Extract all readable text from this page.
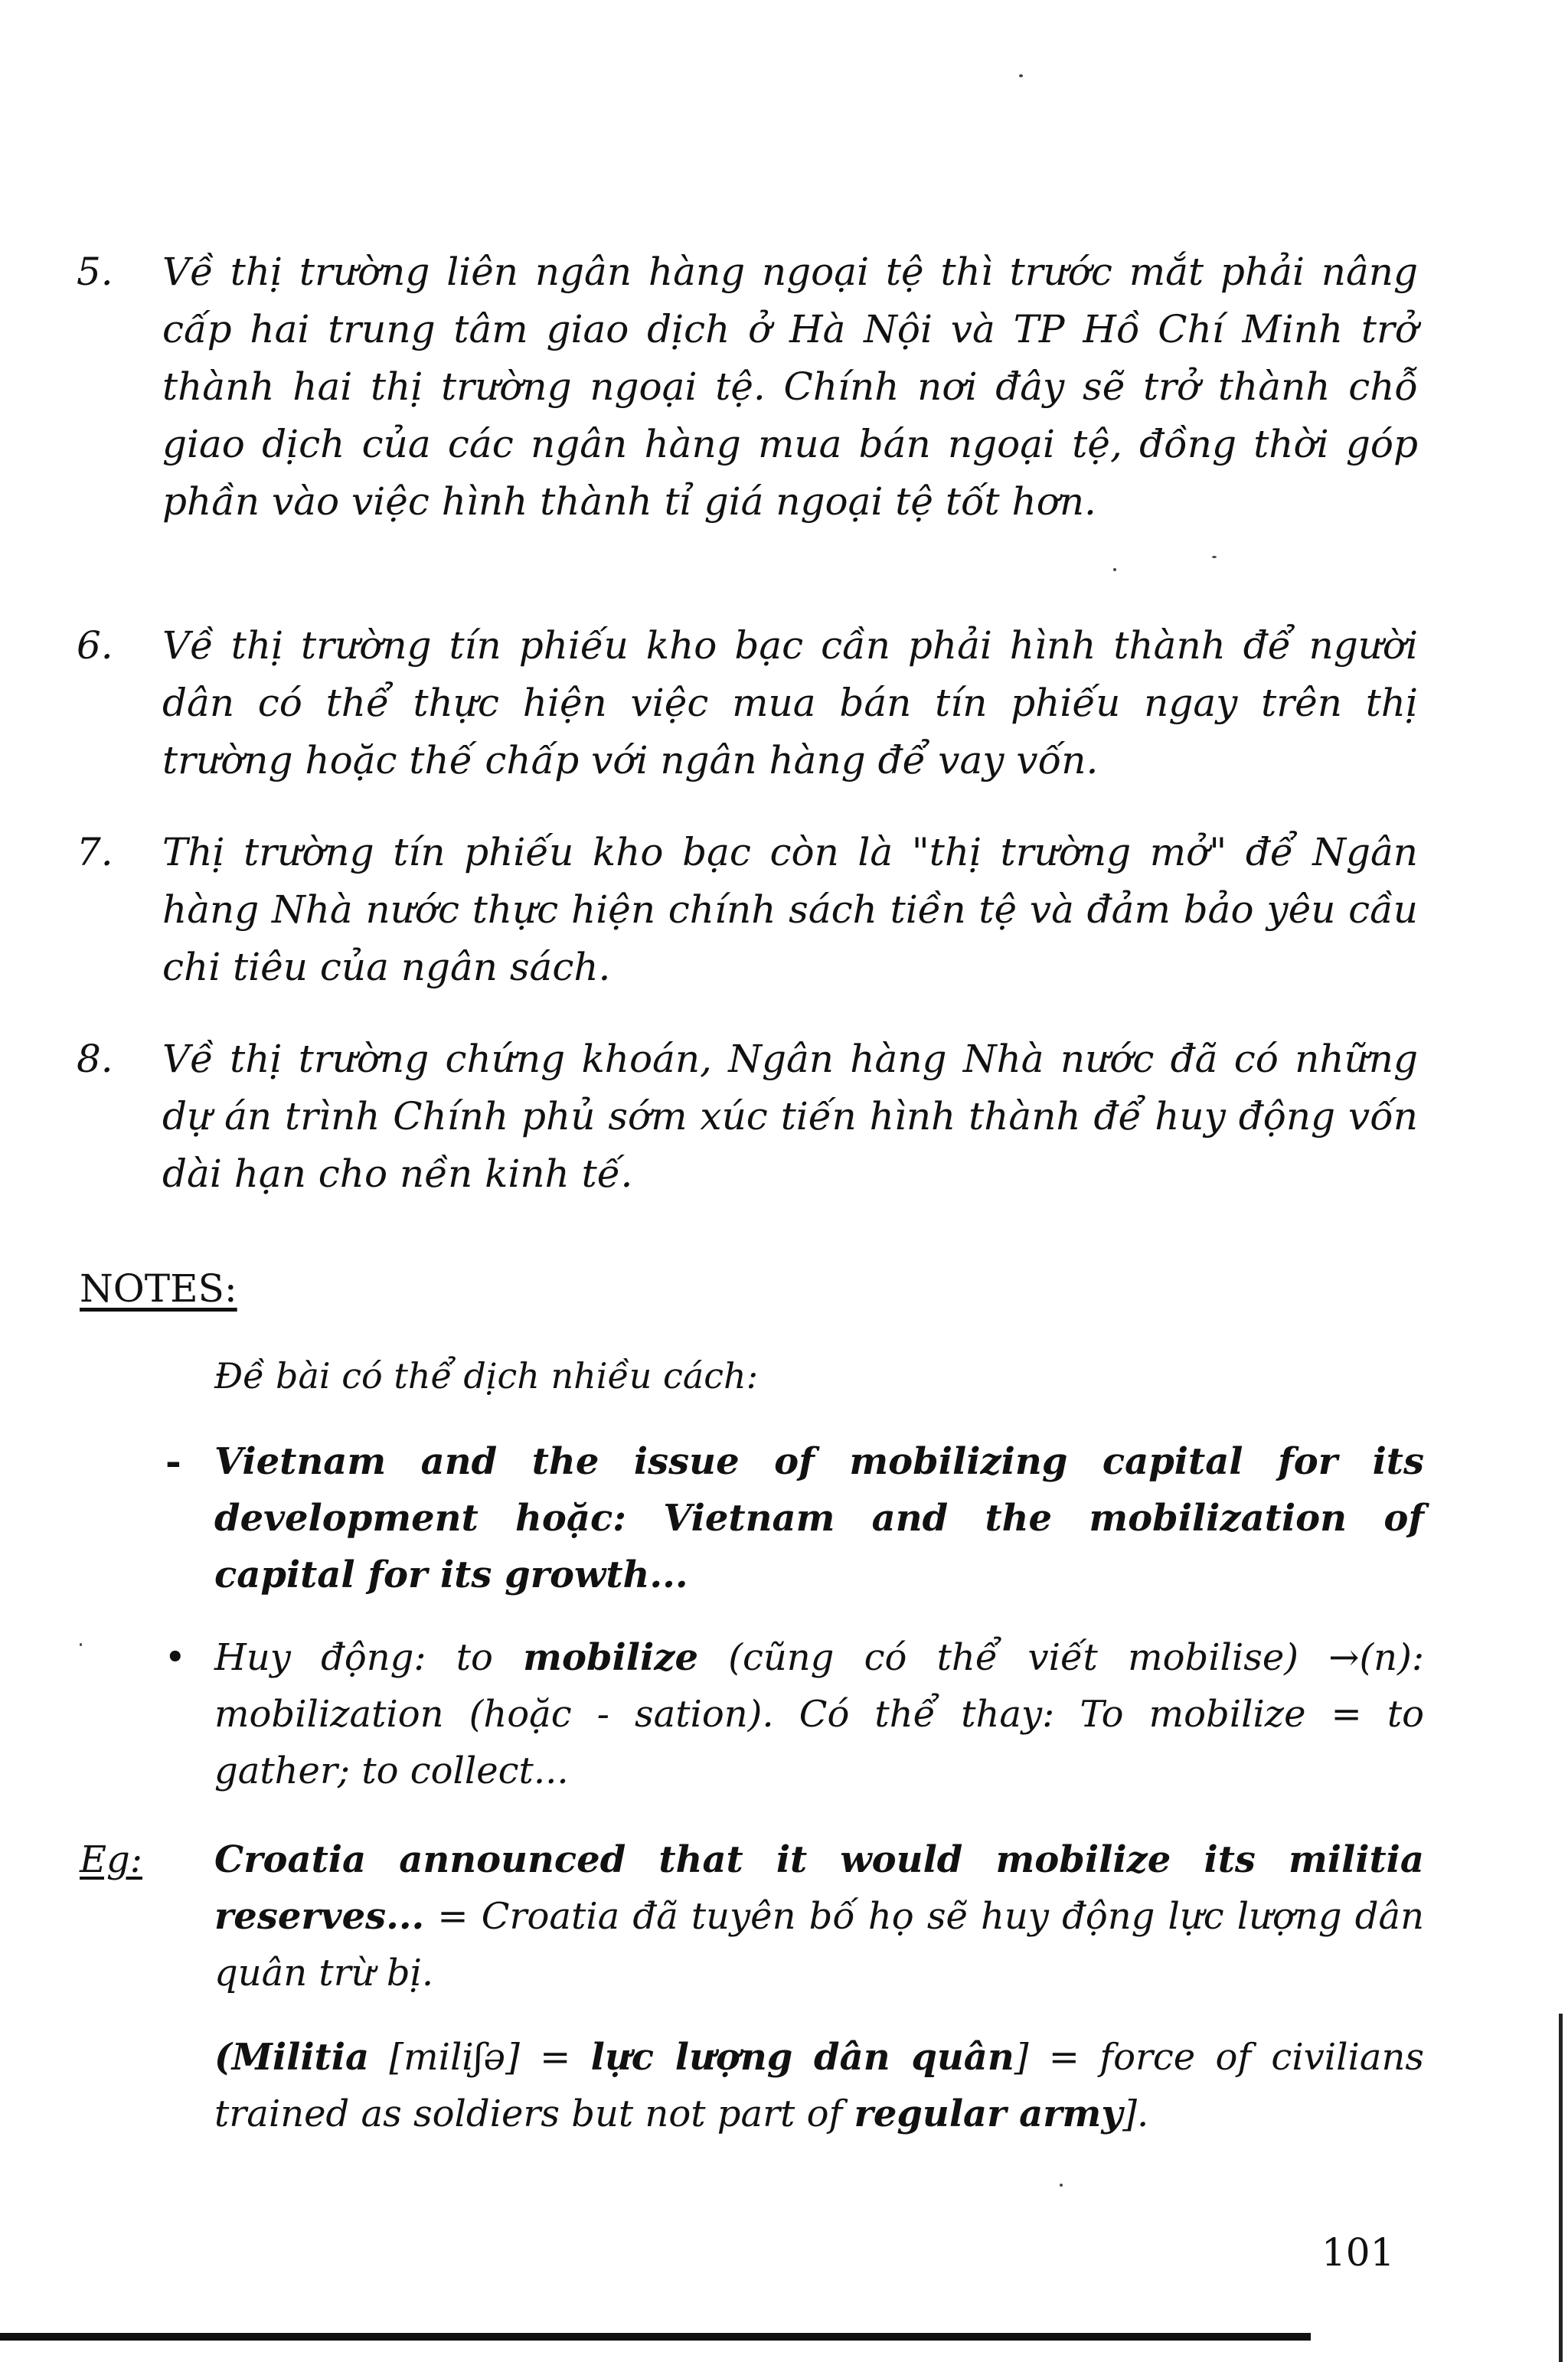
5. Về thị trường liên ngân hàng ngoại tệ thì trước mắt phải nâng cấp hai trung tâm giao dịch ở Hà Nội và TP Hồ Chí Minh trở thành hai thị trường ngoại tệ. Chính nơi đây sẽ trở thành chỗ giao dịch của các ngân hàng mua bán ngoại tệ, đồng thời góp phần vào việc hình thành tỉ giá ngoại tệ tốt hơn.
6. Về thị trường tín phiếu kho bạc cần phải hình thành để người dân có thể thực hiện việc mua bán tín phiếu ngay trên thị trường hoặc thế chấp với ngân hàng để vay vốn.
7. Thị trường tín phiếu kho bạc còn là "thị trường mở" để Ngân hàng Nhà nước thực hiện chính sách tiền tệ và đảm bảo yêu cầu chi tiêu của ngân sách.
8. Về thị trường chứng khoán, Ngân hàng Nhà nước đã có những dự án trình Chính phủ sớm xúc tiến hình thành để huy động vốn dài hạn cho nền kinh tế.
NOTES:
Đề bài có thể dịch nhiều cách:
- Vietnam and the issue of mobilizing capital for its development hoặc: Vietnam and the mobilization of capital for its growth...
• Huy động: to mobilize (cũng có thể viết mobilise) →(n): mobilization (hoặc - sation). Có thể thay: To mobilize = to gather; to collect...
Eg: Croatia announced that it would mobilize its militia reserves... = Croatia đã tuyên bố họ sẽ huy động lực lượng dân quân trừ bị.
(Militia [miliʃə] = lực lượng dân quân] = force of civilians trained as soldiers but not part of regular army].
101
